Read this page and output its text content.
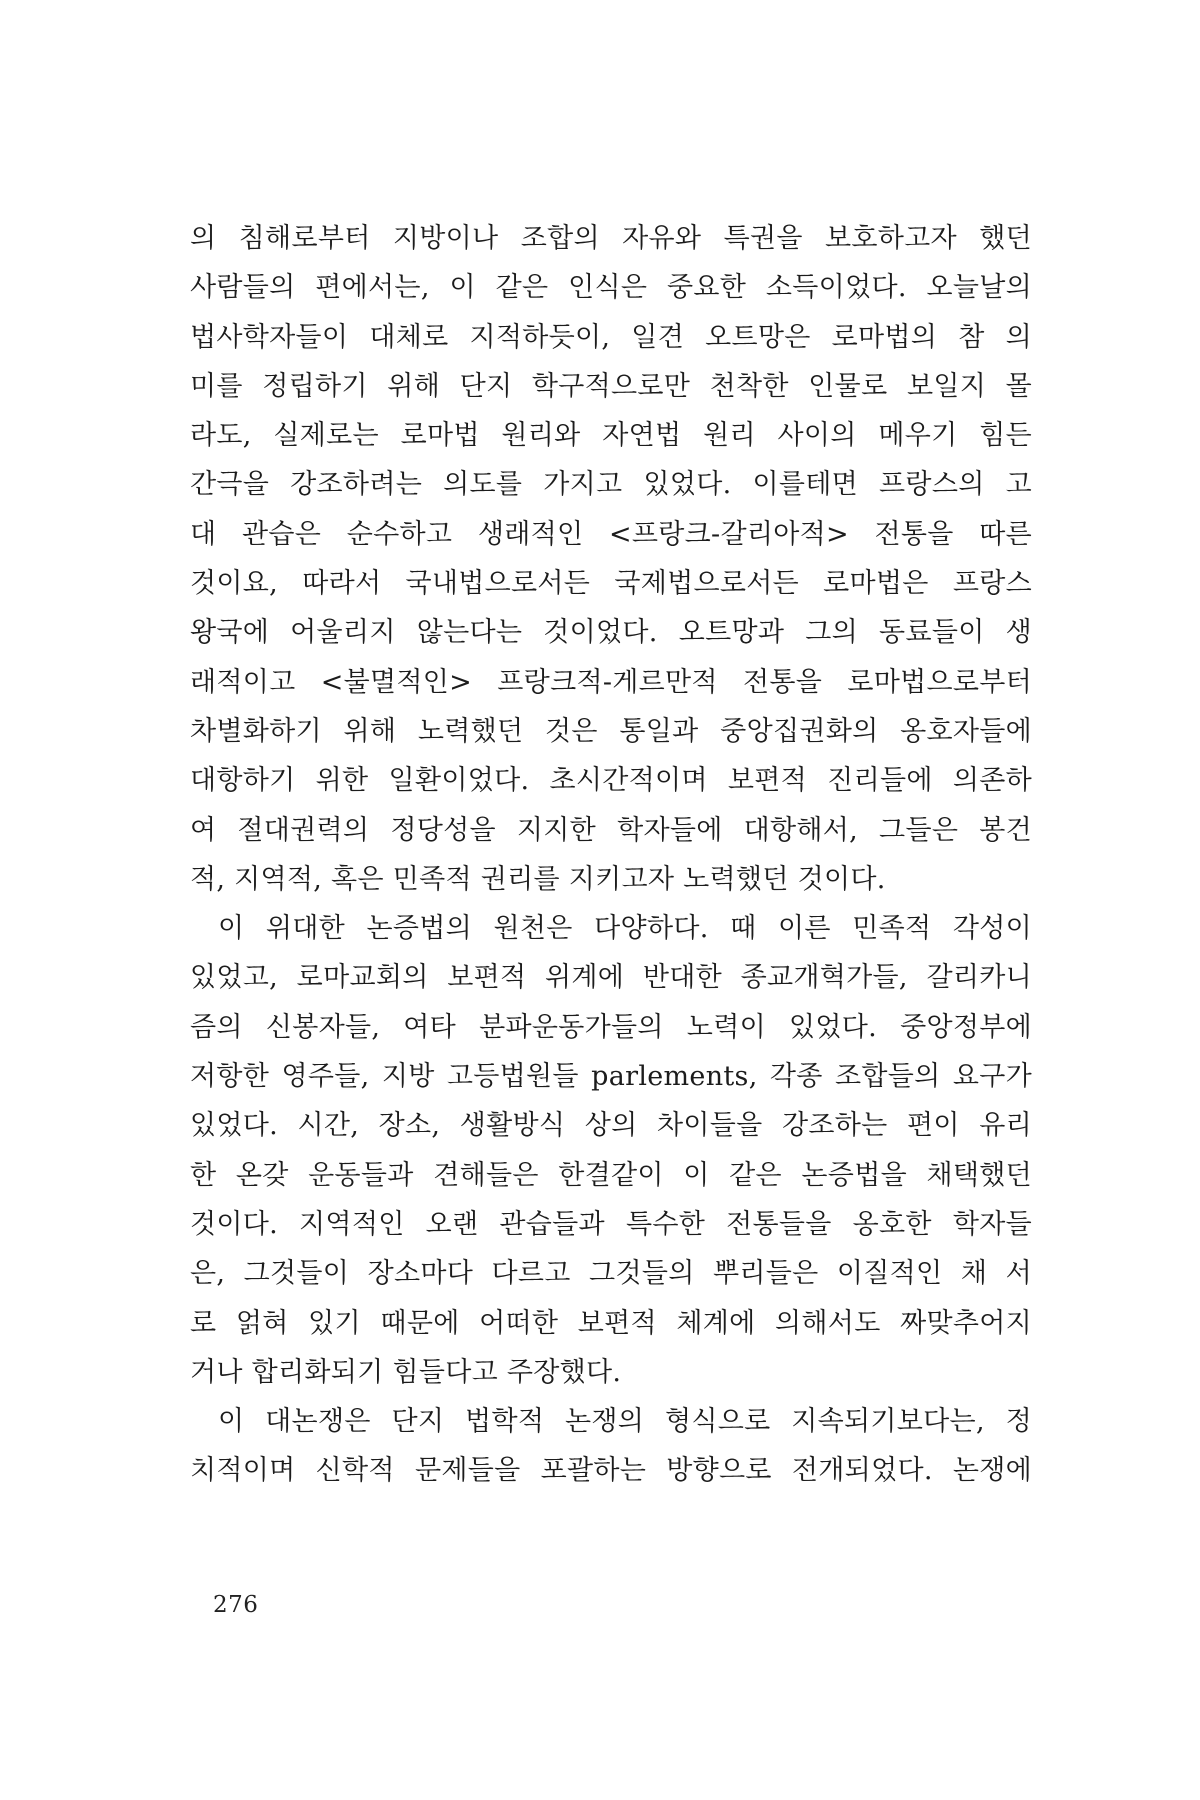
의 침해로부터 지방이나 조합의 자유와 특권을 보호하고자 했던
사람들의 편에서는, 이 같은 인식은 중요한 소득이었다. 오늘날의
법사학자들이 대체로 지적하듯이, 일견 오트망은 로마법의 참 의
미를 정립하기 위해 단지 학구적으로만 천착한 인물로 보일지 몰
라도, 실제로는 로마법 원리와 자연법 원리 사이의 메우기 힘든
간극을 강조하려는 의도를 가지고 있었다. 이를테면 프랑스의 고
대 관습은 순수하고 생래적인 <프랑크-갈리아적> 전통을 따른
것이요, 따라서 국내법으로서든 국제법으로서든 로마법은 프랑스
왕국에 어울리지 않는다는 것이었다. 오트망과 그의 동료들이 생
래적이고 <불멸적인> 프랑크적-게르만적 전통을 로마법으로부터
차별화하기 위해 노력했던 것은 통일과 중앙집권화의 옹호자들에
대항하기 위한 일환이었다. 초시간적이며 보편적 진리들에 의존하
여 절대권력의 정당성을 지지한 학자들에 대항해서, 그들은 봉건
적, 지역적, 혹은 민족적 권리를 지키고자 노력했던 것이다.
이 위대한 논증법의 원천은 다양하다. 때 이른 민족적 각성이
있었고, 로마교회의 보편적 위계에 반대한 종교개혁가들, 갈리카니
즘의 신봉자들, 여타 분파운동가들의 노력이 있었다. 중앙정부에
저항한 영주들, 지방 고등법원들 parlements, 각종 조합들의 요구가
있었다. 시간, 장소, 생활방식 상의 차이들을 강조하는 편이 유리
한 온갖 운동들과 견해들은 한결같이 이 같은 논증법을 채택했던
것이다. 지역적인 오랜 관습들과 특수한 전통들을 옹호한 학자들
은, 그것들이 장소마다 다르고 그것들의 뿌리들은 이질적인 채 서
로 얽혀 있기 때문에 어떠한 보편적 체계에 의해서도 짜맞추어지
거나 합리화되기 힘들다고 주장했다.
이 대논쟁은 단지 법학적 논쟁의 형식으로 지속되기보다는, 정
치적이며 신학적 문제들을 포괄하는 방향으로 전개되었다. 논쟁에
276
